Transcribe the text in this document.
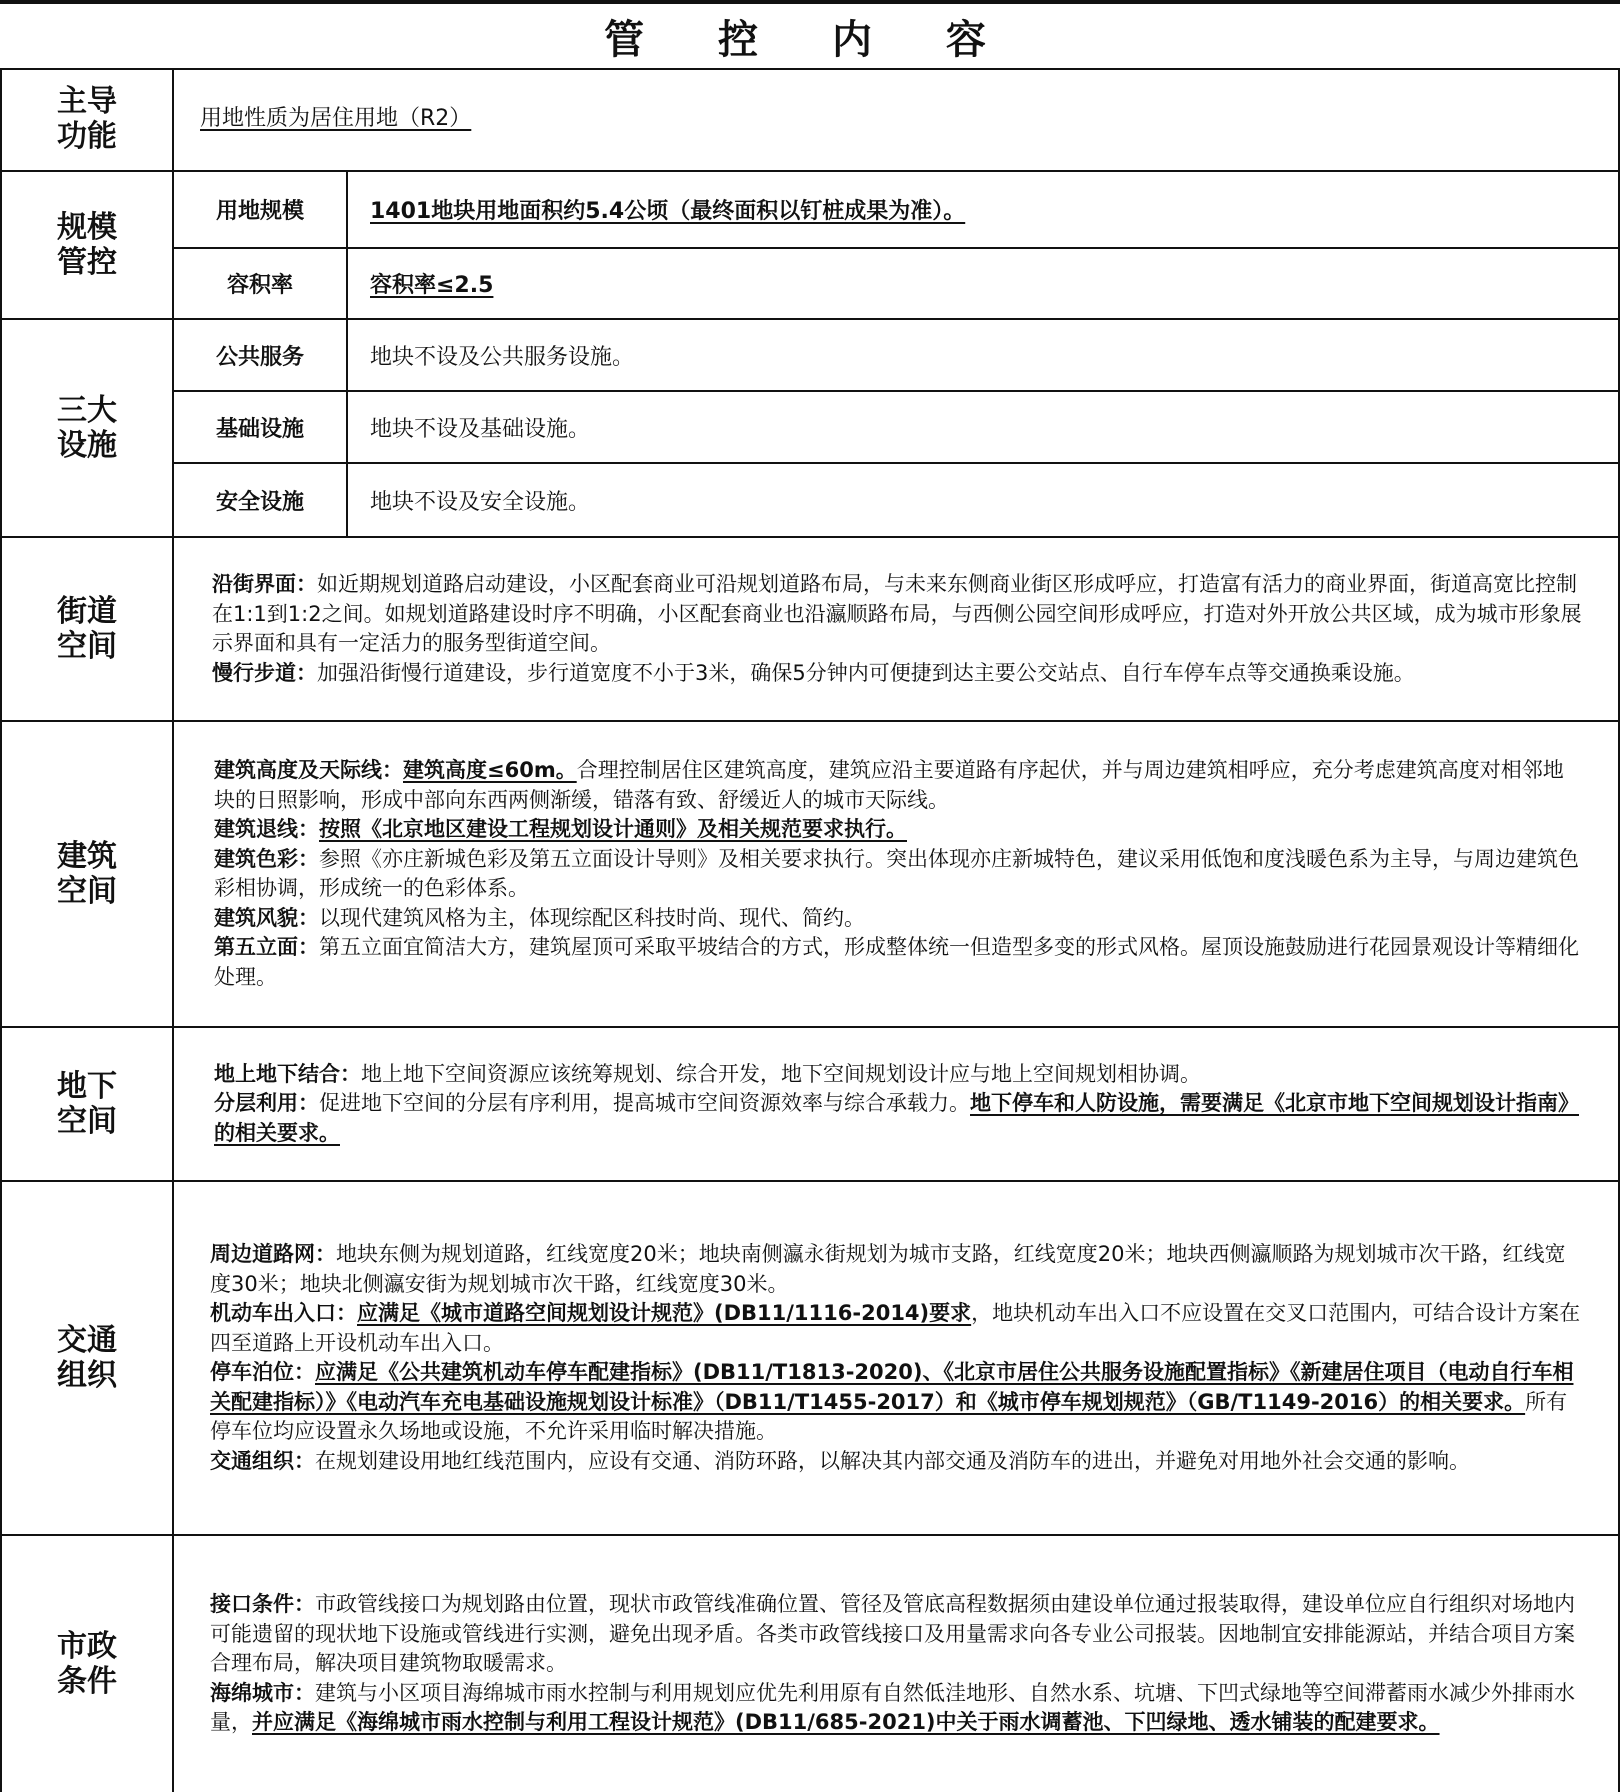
管 控 内 容
主导功能

用地性质为居住用地（R2）

规模管控
用地规模	1401地块用地面积约5.4公顷（最终面积以钉桩成果为准）。
容积率	容积率≤2.5
三大设施
公共服务	地块不设及公共服务设施。
基础设施	地块不设及基础设施。
安全设施	地块不设及安全设施。
街道空间

沿街界面：如近期规划道路启动建设，小区配套商业可沿规划道路布局，与未来东侧商业街区形成呼应，打造富有活力的商业界面，街道高宽比控制在1:1到1:2之间。如规划道路建设时序不明确，小区配套商业也沿瀛顺路布局，与西侧公园空间形成呼应，打造对外开放公共区域，成为城市形象展示界面和具有一定活力的服务型街道空间。

慢行步道：加强沿街慢行道建设，步行道宽度不小于3米，确保5分钟内可便捷到达主要公交站点、自行车停车点等交通换乘设施。

建筑空间

建筑高度及天际线：建筑高度≤60m。合理控制居住区建筑高度，建筑应沿主要道路有序起伏，并与周边建筑相呼应，充分考虑建筑高度对相邻地块的日照影响，形成中部向东西两侧渐缓，错落有致、舒缓近人的城市天际线。

建筑退线：按照《北京地区建设工程规划设计通则》及相关规范要求执行。

建筑色彩：参照《亦庄新城色彩及第五立面设计导则》及相关要求执行。突出体现亦庄新城特色，建议采用低饱和度浅暖色系为主导，与周边建筑色彩相协调，形成统一的色彩体系。

建筑风貌：以现代建筑风格为主，体现综配区科技时尚、现代、简约。

第五立面：第五立面宜简洁大方，建筑屋顶可采取平坡结合的方式，形成整体统一但造型多变的形式风格。屋顶设施鼓励进行花园景观设计等精细化处理。

地下空间

地上地下结合：地上地下空间资源应该统筹规划、综合开发，地下空间规划设计应与地上空间规划相协调。

分层利用：促进地下空间的分层有序利用，提高城市空间资源效率与综合承载力。地下停车和人防设施，需要满足《北京市地下空间规划设计指南》的相关要求。

交通组织

周边道路网：地块东侧为规划道路，红线宽度20米；地块南侧瀛永街规划为城市支路，红线宽度20米；地块西侧瀛顺路为规划城市次干路，红线宽度30米；地块北侧瀛安街为规划城市次干路，红线宽度30米。

机动车出入口：应满足《城市道路空间规划设计规范》(DB11/1116-2014)要求，地块机动车出入口不应设置在交叉口范围内，可结合设计方案在四至道路上开设机动车出入口。

停车泊位：应满足《公共建筑机动车停车配建指标》(DB11/T1813-2020)、《北京市居住公共服务设施配置指标》《新建居住项目（电动自行车相关配建指标）》《电动汽车充电基础设施规划设计标准》（DB11/T1455-2017）和《城市停车规划规范》（GB/T1149-2016）的相关要求。所有停车位均应设置永久场地或设施，不允许采用临时解决措施。

交通组织：在规划建设用地红线范围内，应设有交通、消防环路，以解决其内部交通及消防车的进出，并避免对用地外社会交通的影响。

市政条件

接口条件：市政管线接口为规划路由位置，现状市政管线准确位置、管径及管底高程数据须由建设单位通过报装取得，建设单位应自行组织对场地内可能遗留的现状地下设施或管线进行实测，避免出现矛盾。各类市政管线接口及用量需求向各专业公司报装。因地制宜安排能源站，并结合项目方案合理布局，解决项目建筑物取暖需求。

海绵城市：建筑与小区项目海绵城市雨水控制与利用规划应优先利用原有自然低洼地形、自然水系、坑塘、下凹式绿地等空间滞蓄雨水减少外排雨水量，并应满足《海绵城市雨水控制与利用工程设计规范》(DB11/685-2021)中关于雨水调蓄池、下凹绿地、透水铺装的配建要求。
